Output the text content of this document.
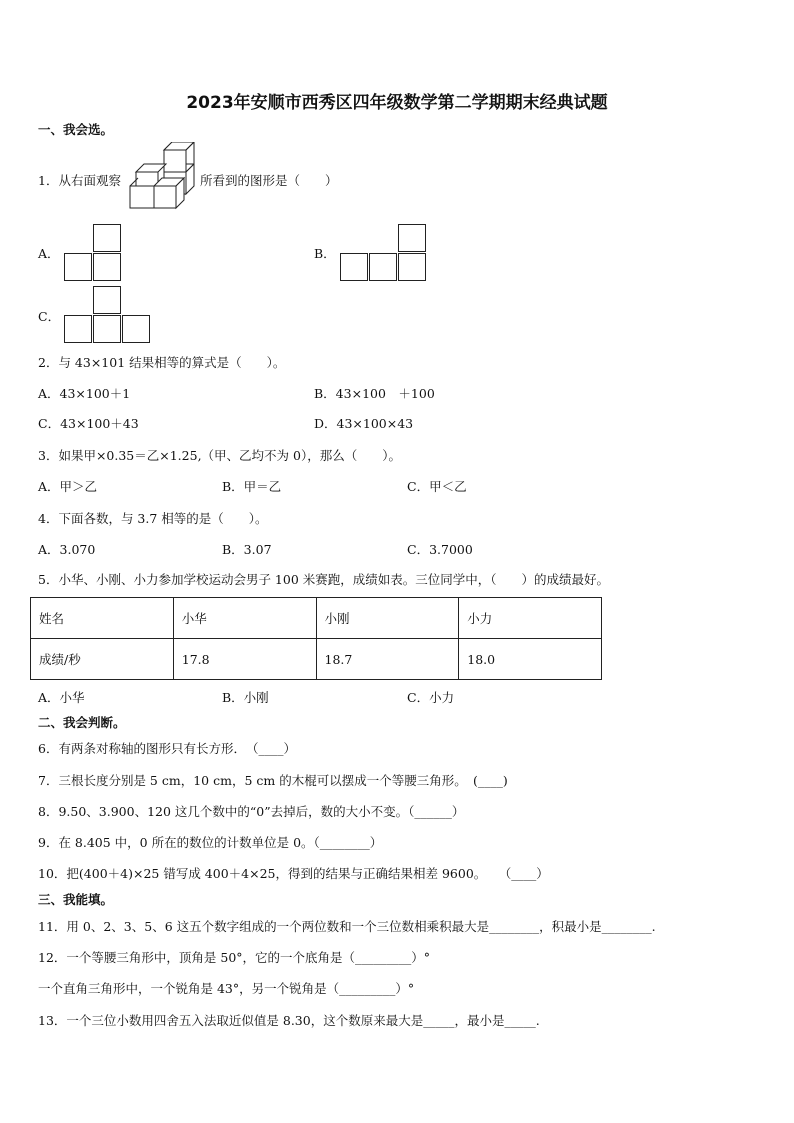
2023年安顺市西秀区四年级数学第二学期期末经典试题
一、我会选。
1．从右面观察	所看到的图形是（　　）
A．	B．
C．
2．与 43×101 结果相等的算式是（　　）。
A．43×100＋1	B．43×100　＋100
C．43×100＋43	D．43×100×43
3．如果甲×0.35＝乙×1.25,（甲、乙均不为 0），那么（　　）。
A．甲＞乙	B．甲＝乙	C．甲＜乙
4．下面各数，与 3.7 相等的是（　　）。
A．3.070	B．3.07	C．3.7000
5．小华、小刚、小力参加学校运动会男子 100 米赛跑，成绩如表。三位同学中，（　　）的成绩最好。
姓名	小华	小刚	小力
成绩/秒	17.8	18.7	18.0
A．小华	B．小刚	C．小力
二、我会判断。
6．有两条对称轴的图形只有长方形．　（____）
7．三根长度分别是 5 cm，10 cm，5 cm 的木棍可以摆成一个等腰三角形。　(____)
8．9.50、3.900、120 这几个数中的“0”去掉后，数的大小不变。（______）
9．在 8.405 中，0 所在的数位的计数单位是 0。（________）
10．把(400＋4)×25 错写成 400＋4×25，得到的结果与正确结果相差 9600。　　（____）
三、我能填。
11．用 0、2、3、5、6 这五个数字组成的一个两位数和一个三位数相乘积最大是________，积最小是________.
12．一个等腰三角形中，顶角是 50°，它的一个底角是（_________）°
一个直角三角形中，一个锐角是 43°，另一个锐角是（_________）°
13．一个三位小数用四舍五入法取近似值是 8.30，这个数原来最大是_____，最小是_____.
